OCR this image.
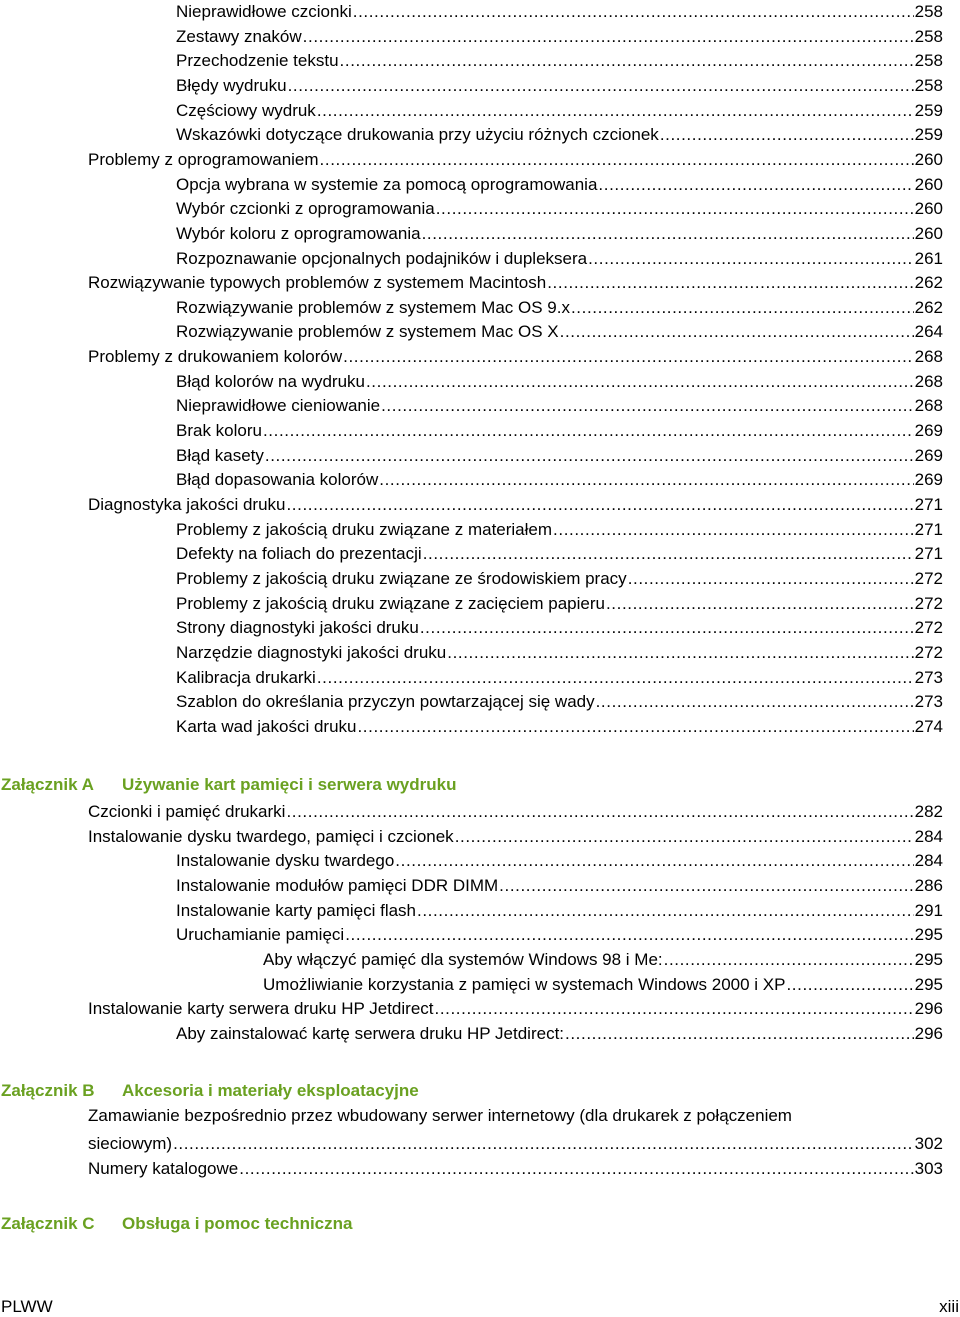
Nieprawidłowe czcionki .....	258
Zestawy znaków .....	258
Przechodzenie tekstu .....	258
Błędy wydruku .....	258
Częściowy wydruk .....	259
Wskazówki dotyczące drukowania przy użyciu różnych czcionek .....	259
Problemy z oprogramowaniem .....	260
Opcja wybrana w systemie za pomocą oprogramowania .....	260
Wybór czcionki z oprogramowania .....	260
Wybór koloru z oprogramowania .....	260
Rozpoznawanie opcjonalnych podajników i dupleksera .....	261
Rozwiązywanie typowych problemów z systemem Macintosh .....	262
Rozwiązywanie problemów z systemem Mac OS 9.x .....	262
Rozwiązywanie problemów z systemem Mac OS X .....	264
Problemy z drukowaniem kolorów .....	268
Błąd kolorów na wydruku .....	268
Nieprawidłowe cieniowanie .....	268
Brak koloru .....	269
Błąd kasety .....	269
Błąd dopasowania kolorów .....	269
Diagnostyka jakości druku .....	271
Problemy z jakością druku związane z materiałem .....	271
Defekty na foliach do prezentacji .....	271
Problemy z jakością druku związane ze środowiskiem pracy .....	272
Problemy z jakością druku związane z zacięciem papieru .....	272
Strony diagnostyki jakości druku .....	272
Narzędzie diagnostyki jakości druku .....	272
Kalibracja drukarki .....	273
Szablon do określania przyczyn powtarzającej się wady .....	273
Karta wad jakości druku .....	274
Załącznik A Używanie kart pamięci i serwera wydruku
Czcionki i pamięć drukarki .....	282
Instalowanie dysku twardego, pamięci i czcionek .....	284
Instalowanie dysku twardego .....	284
Instalowanie modułów pamięci DDR DIMM .....	286
Instalowanie karty pamięci flash .....	291
Uruchamianie pamięci .....	295
Aby włączyć pamięć dla systemów Windows 98 i Me: .....	295
Umożliwianie korzystania z pamięci w systemach Windows 2000 i XP .....	295
Instalowanie karty serwera druku HP Jetdirect .....	296
Aby zainstalować kartę serwera druku HP Jetdirect: .....	296
Załącznik B Akcesoria i materiały eksploatacyjne
Zamawianie bezpośrednio przez wbudowany serwer internetowy (dla drukarek z połączeniem
sieciowym) .....	302
Numery katalogowe .....	303
Załącznik C Obsługa i pomoc techniczna
PLWW	xiii
